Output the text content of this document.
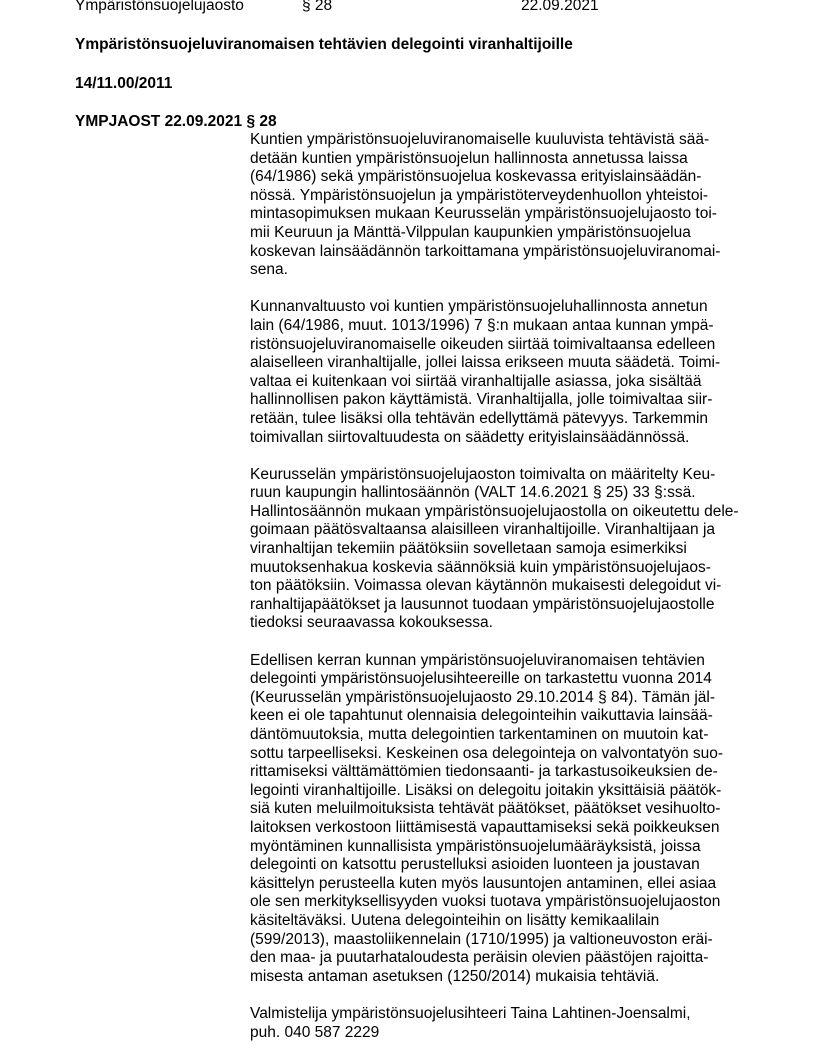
Ympäristönsuojelujaosto	§ 28	22.09.2021
Ympäristönsuojeluviranomaisen tehtävien delegointi viranhaltijoille
14/11.00/2011
YMPJAOST 22.09.2021 § 28

Kuntien ympäristönsuojeluviranomaiselle kuuluvista tehtävistä sää-
detään kuntien ympäristönsuojelun hallinnosta annetussa laissa
(64/1986) sekä ympäristönsuojelua koskevassa erityislainsäädän-
nössä. Ympäristönsuojelun ja ympäristöterveydenhuollon yhteistoi-
mintasopimuksen mukaan Keurusselän ympäristönsuojelujaosto toi-
mii Keuruun ja Mänttä-Vilppulan kaupunkien ympäristönsuojelua
koskevan lainsäädännön tarkoittamana ympäristönsuojeluviranomai-
sena.

Kunnanvaltuusto voi kuntien ympäristönsuojeluhallinnosta annetun
lain (64/1986, muut. 1013/1996) 7 §:n mukaan antaa kunnan ympä-
ristönsuojeluviranomaiselle oikeuden siirtää toimivaltaansa edelleen
alaiselleen viranhaltijalle, jollei laissa erikseen muuta säädetä. Toimi-
valtaa ei kuitenkaan voi siirtää viranhaltijalle asiassa, joka sisältää
hallinnollisen pakon käyttämistä. Viranhaltijalla, jolle toimivaltaa siir-
retään, tulee lisäksi olla tehtävän edellyttämä pätevyys. Tarkemmin
toimivallan siirtovaltuudesta on säädetty erityislainsäädännössä.

Keurusselän ympäristönsuojelujaoston toimivalta on määritelty Keu-
ruun kaupungin hallintosäännön (VALT 14.6.2021 § 25) 33 §:ssä.
Hallintosäännön mukaan ympäristönsuojelujaostolla on oikeutettu dele-
goimaan päätösvaltaansa alaisilleen viranhaltijoille. Viranhaltijaan ja
viranhaltijan tekemiin päätöksiin sovelletaan samoja esimerkiksi
muutoksenhakua koskevia säännöksiä kuin ympäristönsuojelujaos-
ton päätöksiin. Voimassa olevan käytännön mukaisesti delegoidut vi-
ranhaltijapäätökset ja lausunnot tuodaan ympäristönsuojelujaostolle
tiedoksi seuraavassa kokouksessa.

Edellisen kerran kunnan ympäristönsuojeluviranomaisen tehtävien
delegointi ympäristönsuojelusihteereille on tarkastettu vuonna 2014
(Keurusselän ympäristönsuojelujaosto 29.10.2014 § 84). Tämän jäl-
keen ei ole tapahtunut olennaisia delegointeihin vaikuttavia lainsää-
däntömuutoksia, mutta delegointien tarkentaminen on muutoin kat-
sottu tarpeelliseksi. Keskeinen osa delegointeja on valvontatyön suo-
rittamiseksi välttämättömien tiedonsaanti- ja tarkastusoikeuksien de-
legointi viranhaltijoille. Lisäksi on delegoitu joitakin yksittäisiä päätök-
siä kuten meluilmoituksista tehtävät päätökset, päätökset vesihuolto-
laitoksen verkostoon liittämisestä vapauttamiseksi sekä poikkeuksen
myöntäminen kunnallisista ympäristönsuojelumääräyksistä, joissa
delegointi on katsottu perustelluksi asioiden luonteen ja joustavan
käsittelyn perusteella kuten myös lausuntojen antaminen, ellei asiaa
ole sen merkityksellisyyden vuoksi tuotava ympäristönsuojelujaoston
käsiteltäväksi. Uutena delegointeihin on lisätty kemikaalilain
(599/2013), maastoliikennelain (1710/1995) ja valtioneuvoston eräi-
den maa- ja puutarhataloudesta peräisin olevien päästöjen rajoitta-
misesta antaman asetuksen (1250/2014) mukaisia tehtäviä.

Valmistelija ympäristönsuojelusihteeri Taina Lahtinen-Joensalmi,
puh. 040 587 2229
